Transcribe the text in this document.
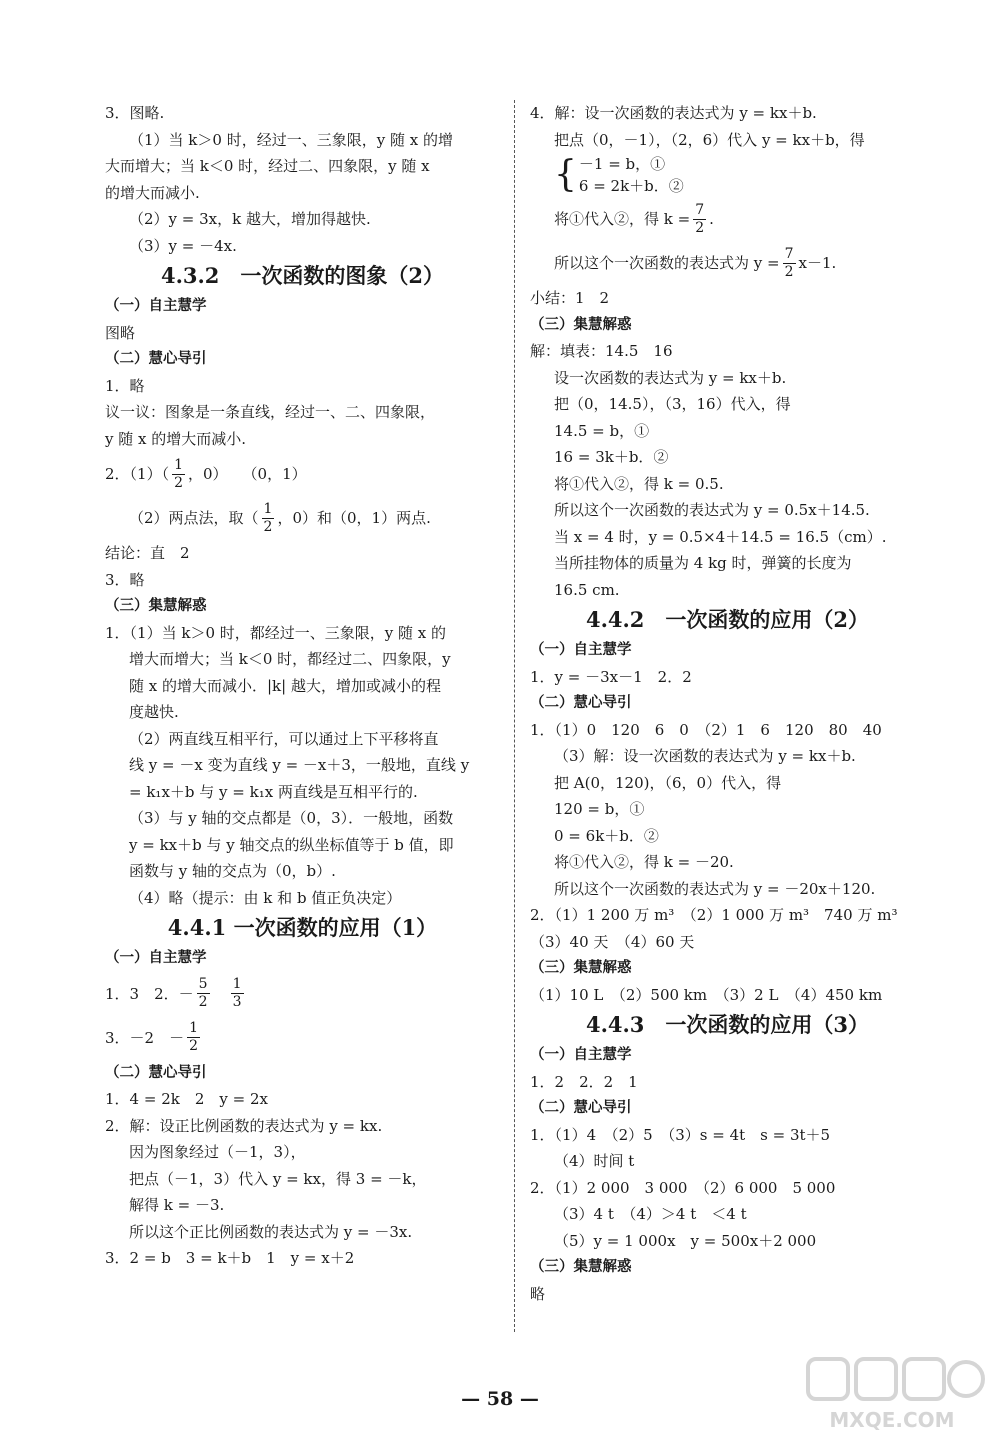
3．图略.
（1）当 k＞0 时，经过一、三象限，y 随 x 的增
大而增大；当 k＜0 时，经过二、四象限，y 随 x
的增大而减小.
（2）y = 3x，k 越大，增加得越快.
（3）y = －4x.
4.3.2　一次函数的图象（2）
（一）自主慧学
图略
（二）慧心导引
1．略
议一议：图象是一条直线，经过一、二、四象限，
y 随 x 的增大而减小.
2．$(1)( \frac{1}{2}$ ，0）　　（0，1）
（2）两点法，取（ $\frac{1}{2}$ ，0）和（0，1）两点.
结论：直　2
3．略
（三）集慧解惑
1．（1）当 k＞0 时，都经过一、三象限，y 随 x 的
增大而增大；当 k＜0 时，都经过二、四象限，y
随 x 的增大而减小．|k| 越大，增加或减小的程
度越快.
（2）两直线互相平行，可以通过上下平移将直
线 y = －x 变为直线 y = －x＋3，一般地，直线 y
= k₁x＋b 与 y = k₁x 两直线是互相平行的.
（3）与 y 轴的交点都是（0，3）．一般地，函数
y = kx＋b 与 y 轴交点的纵坐标值等于 b 值，即
函数与 y 轴的交点为（0，b）.
（4）略（提示：由 k 和 b 值正负决定）
4.4.1 一次函数的应用（1）
（一）自主慧学
1．3　2．－ $\frac{5}{2}$
　 $\frac{1}{3}$
3．－2　－ $\frac{1}{2}$
（二）慧心导引
1．4 = 2k　2　y = 2x
2．解：设正比例函数的表达式为 y = kx.
因为图象经过（－1，3），
把点（－1，3）代入 y = kx，得 3 = －k，
解得 k = －3.
所以这个正比例函数的表达式为 y = －3x.
3．2 = b　3 = k＋b　1　y = x＋2
4．解：设一次函数的表达式为 y = kx＋b.
把点（0，－1），（2，6）代入 y = kx＋b，得
{ －1 = b，①
6 = 2k＋b．②
将①代入②，得 $k = \frac{7}{2}$ .
所以这个一次函数的表达式为 $y = \frac{7}{2} x-1$.
小结：1　2
（三）集慧解惑
解：填表：14.5　16
设一次函数的表达式为 y = kx＋b.
把（0，14.5），（3，16）代入，得
14.5 = b，①
16 = 3k＋b．②
将①代入②，得 k = 0.5.
所以这个一次函数的表达式为 y = 0.5x＋14.5.
当 x = 4 时，y = 0.5×4＋14.5 = 16.5（cm）.
当所挂物体的质量为 4 kg 时，弹簧的长度为
16.5 cm.
4.4.2　一次函数的应用（2）
（一）自主慧学
1．y = －3x－1　2．2
（二）慧心导引
1．（1）0　120　6　0　（2）1　6　120　80　40
（3）解：设一次函数的表达式为 y = kx＋b.
把 A(0，120)，（6，0）代入，得
120 = b，①
0 = 6k＋b．②
将①代入②，得 k = －20.
所以这个一次函数的表达式为 y = －20x＋120.
2．（1）1 200 万 m³　（2）1 000 万 m³　740 万 m³
（3）40 天　（4）60 天
（三）集慧解惑
（1）10 L　（2）500 km　（3）2 L　（4）450 km
4.4.3　一次函数的应用（3）
（一）自主慧学
1．2　2．2　1
（二）慧心导引
1．（1）4　（2）5　（3）s = 4t　s = 3t＋5
（4）时间 t
2．（1）2 000　3 000　（2）6 000　5 000
（3）4 t　（4）＞4 t　＜4 t
（5）y = 1 000x　y = 500x＋2 000
（三）集慧解惑
略
— 58 —
MXQE.COM
